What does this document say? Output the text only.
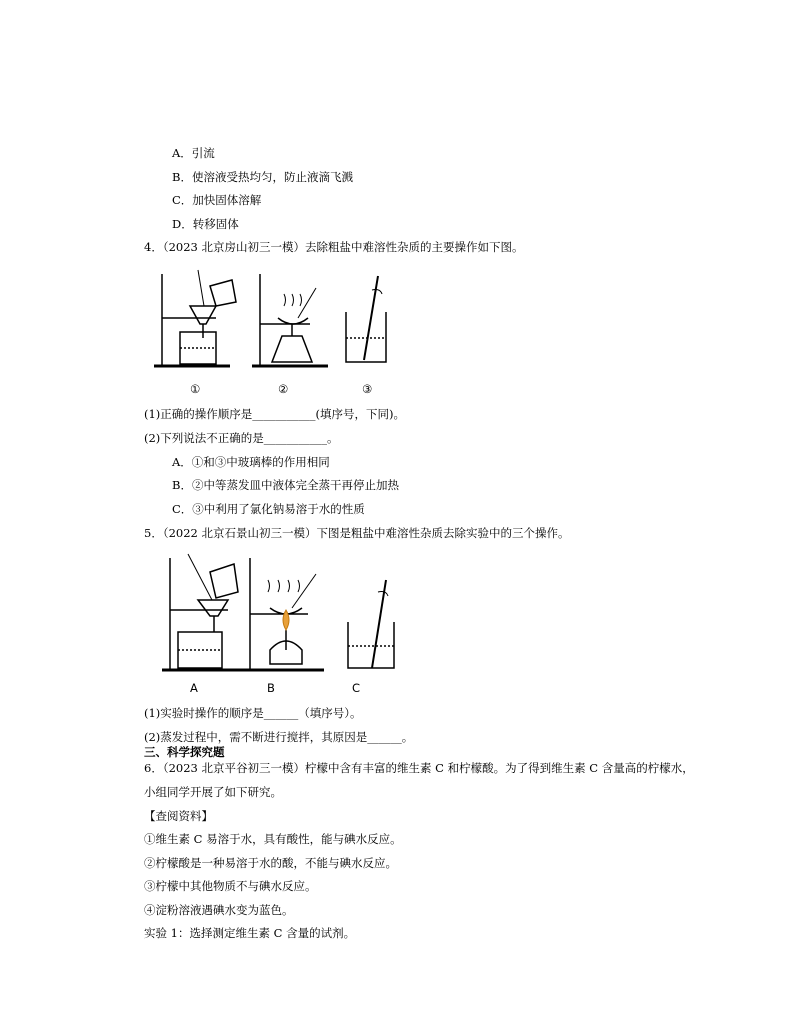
A．引流
B．使溶液受热均匀，防止液滴飞溅
C．加快固体溶解
D．转移固体
4．（2023 北京房山初三一模）去除粗盐中难溶性杂质的主要操作如下图。
①	②	③
(1)正确的操作顺序是___________(填序号，下同)。
(2)下列说法不正确的是___________。
A．①和③中玻璃棒的作用相同
B．②中等蒸发皿中液体完全蒸干再停止加热
C．③中利用了氯化钠易溶于水的性质
5．（2022 北京石景山初三一模）下图是粗盐中难溶性杂质去除实验中的三个操作。
A	B	C
(1)实验时操作的顺序是______（填序号）。
(2)蒸发过程中，需不断进行搅拌，其原因是______。
三、科学探究题
6．（2023 北京平谷初三一模）柠檬中含有丰富的维生素 C 和柠檬酸。为了得到维生素 C 含量高的柠檬水，
小组同学开展了如下研究。
【查阅资料】
①维生素 C 易溶于水，具有酸性，能与碘水反应。
②柠檬酸是一种易溶于水的酸，不能与碘水反应。
③柠檬中其他物质不与碘水反应。
④淀粉溶液遇碘水变为蓝色。
实验 1：选择测定维生素 C 含量的试剂。
